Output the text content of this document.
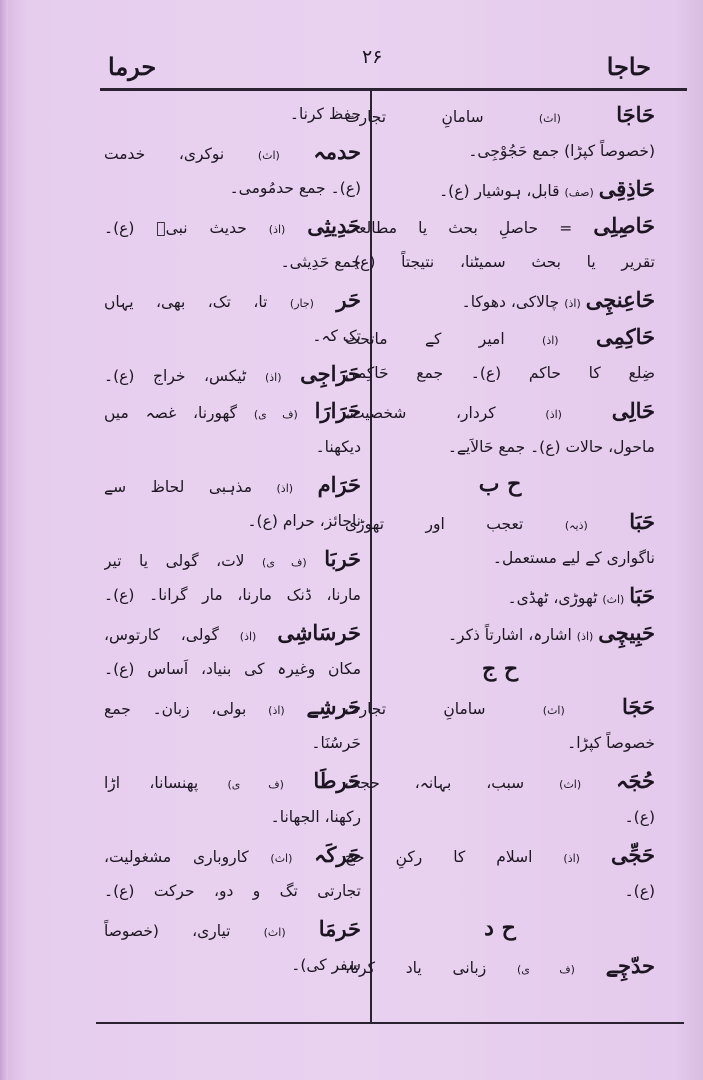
حاجا
۲۶
حرما
حَاجَا (اث) سامانِ تجارت
(خصوصاً کپڑا) جمع حَجُوْجِی۔
حَاذِقِی (صف) قابل، ہوشیار (ع)۔
حَاصِلِی = حاصلِ بحث یا مطالعہ،
تقریر یا بحث سمیٹنا، نتیجتاً (ع)۔
حَاعِنچِی (اذ) چالاکی، دھوکا۔
حَاکِمِی (اذ) امیر کے ماتحت
ضِلع کا حاکم (ع)۔ جمع حَاکِمی
حَالِی (اذ) کردار، شخصیت،
ماحول، حالات (ع)۔ جمع حَالاَیے۔
ح ب
حَبَا (ذیہ) تعجب اور تھوڑی
ناگواری کے لیے مستعمل۔
حَبَا (اث) ٹھوڑی، ٹھڈی۔
حَبِیچِی (اذ) اشارہ، اشارتاً ذکر۔
ح ج
حَجَا (اث) سامانِ تجارت
خصوصاً کپڑا۔
حُجَہ (اث) سبب، بہانہ، حجت
(ع)۔
حَجِّی (اذ) اسلام کا رکنِ حج
(ع)۔
ح د
حدّچِے (ف ی) زبانی یاد کرنا،
حفظ کرنا۔
حدمہ (اث) نوکری، خدمت
(ع)۔ جمع حدمُومی۔
حَدِیثِی (اذ) حدیث نبیؐ (ع)۔
جمع حَدِیثی۔
حَر (جار) تا، تک، بھی، یہاں
تک کہ۔
حَرَاجِی (اذ) ٹیکس، خراج (ع)۔
حَرَارَا (ف ی) گھورنا، غصہ میں
دیکھنا۔
حَرَام (اذ) مذہبی لحاظ سے
ناجائز، حرام (ع)۔
حَربَا (ف ی) لات، گولی یا تیر
مارنا، ڈنک مارنا، مار گرانا۔ (ع)۔
حَرسَاشِی (اذ) گولی، کارتوس،
مکان وغیرہ کی بنیاد، اَساس (ع)۔
حَرشِے (اذ) بولی، زبان۔ جمع
حَرسُنَا۔
حَرطَا (ف ی) پھنسانا، اڑا
رکھنا، الجھانا۔
حَرکَہ (اث) کاروباری مشغولیت،
تجارتی تگ و دو، حرکت (ع)۔
حَرمَا (اث) تیاری، (خصوصاً
سفر کی)۔
